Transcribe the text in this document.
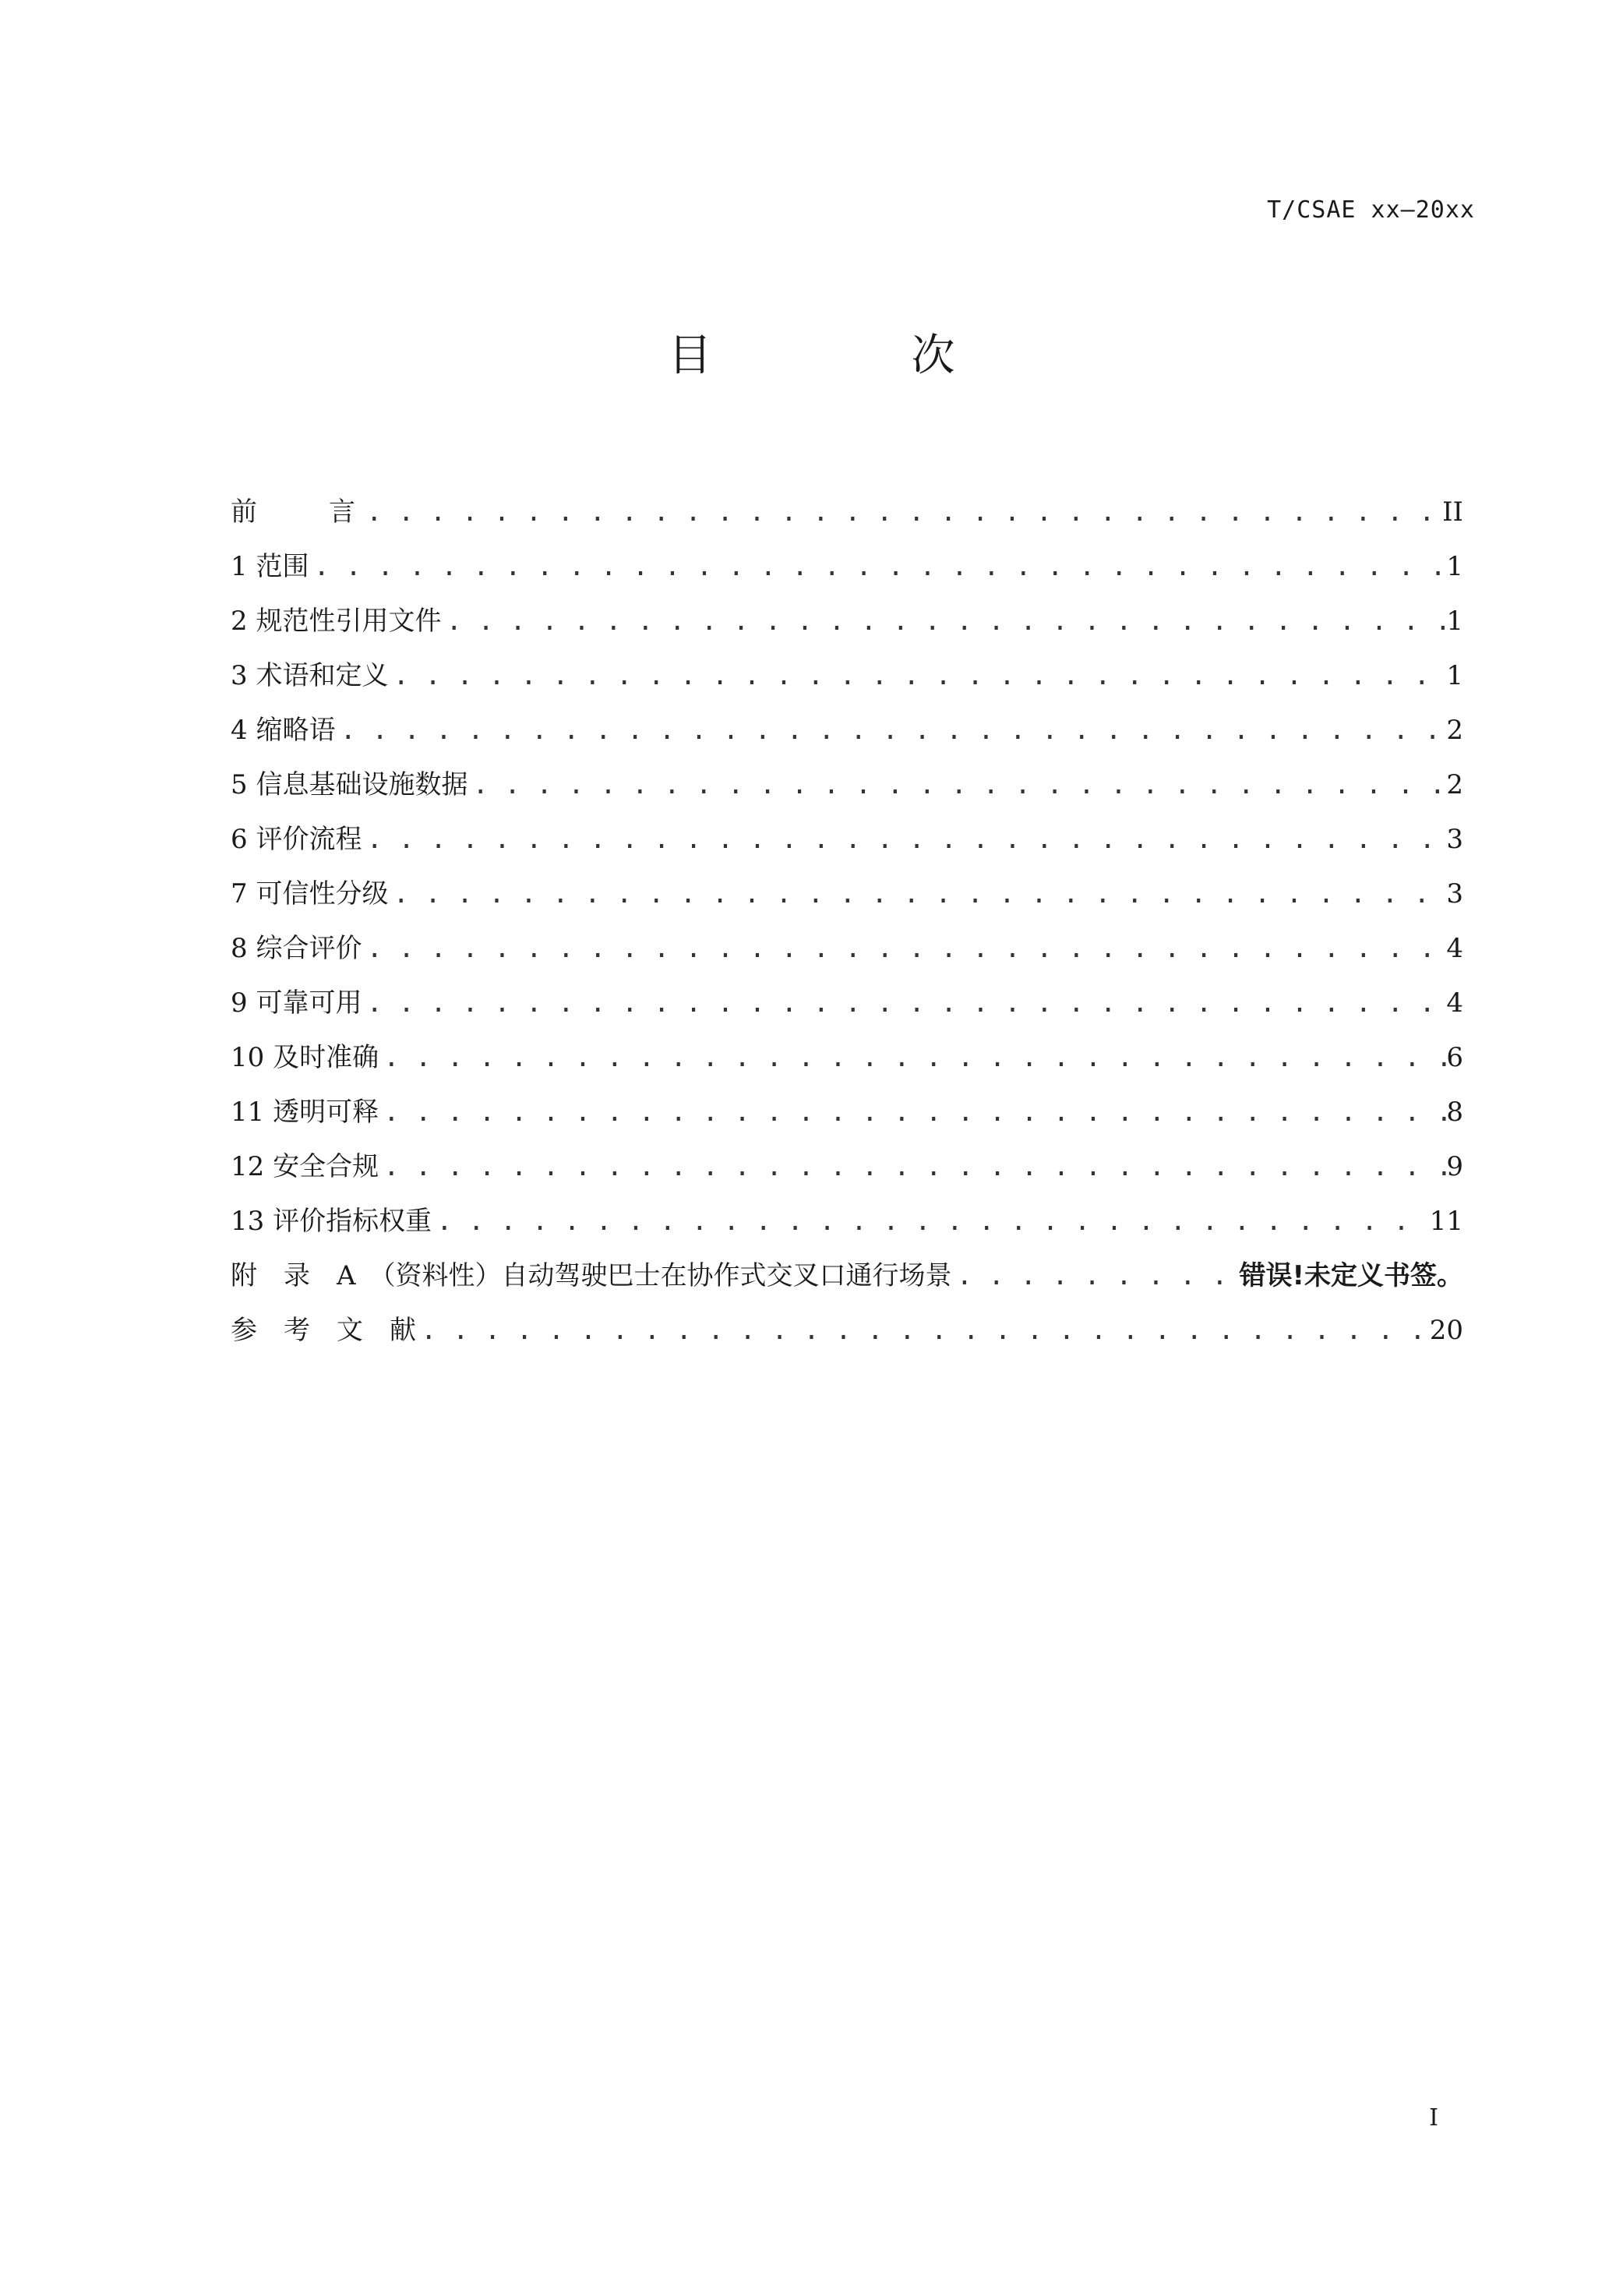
T/CSAE xx—20xx
目　次
前　　言 . . .	II
1 范围 . . .	1
2 规范性引用文件 . . .	1
3 术语和定义 . . .	1
4 缩略语 . . .	2
5 信息基础设施数据 . . .	2
6 评价流程 . . .	3
7 可信性分级 . . .	3
8 综合评价 . . .	4
9 可靠可用 . . .	4
10 及时准确 . . .	6
11 透明可释 . . .	8
12 安全合规 . . .	9
13 评价指标权重 . . .	11
附　录　A　（资料性）自动驾驶巴士在协作式交叉口通行场景 . . .	错误!未定义书签。
参　考　文　献 . . .	20
I
